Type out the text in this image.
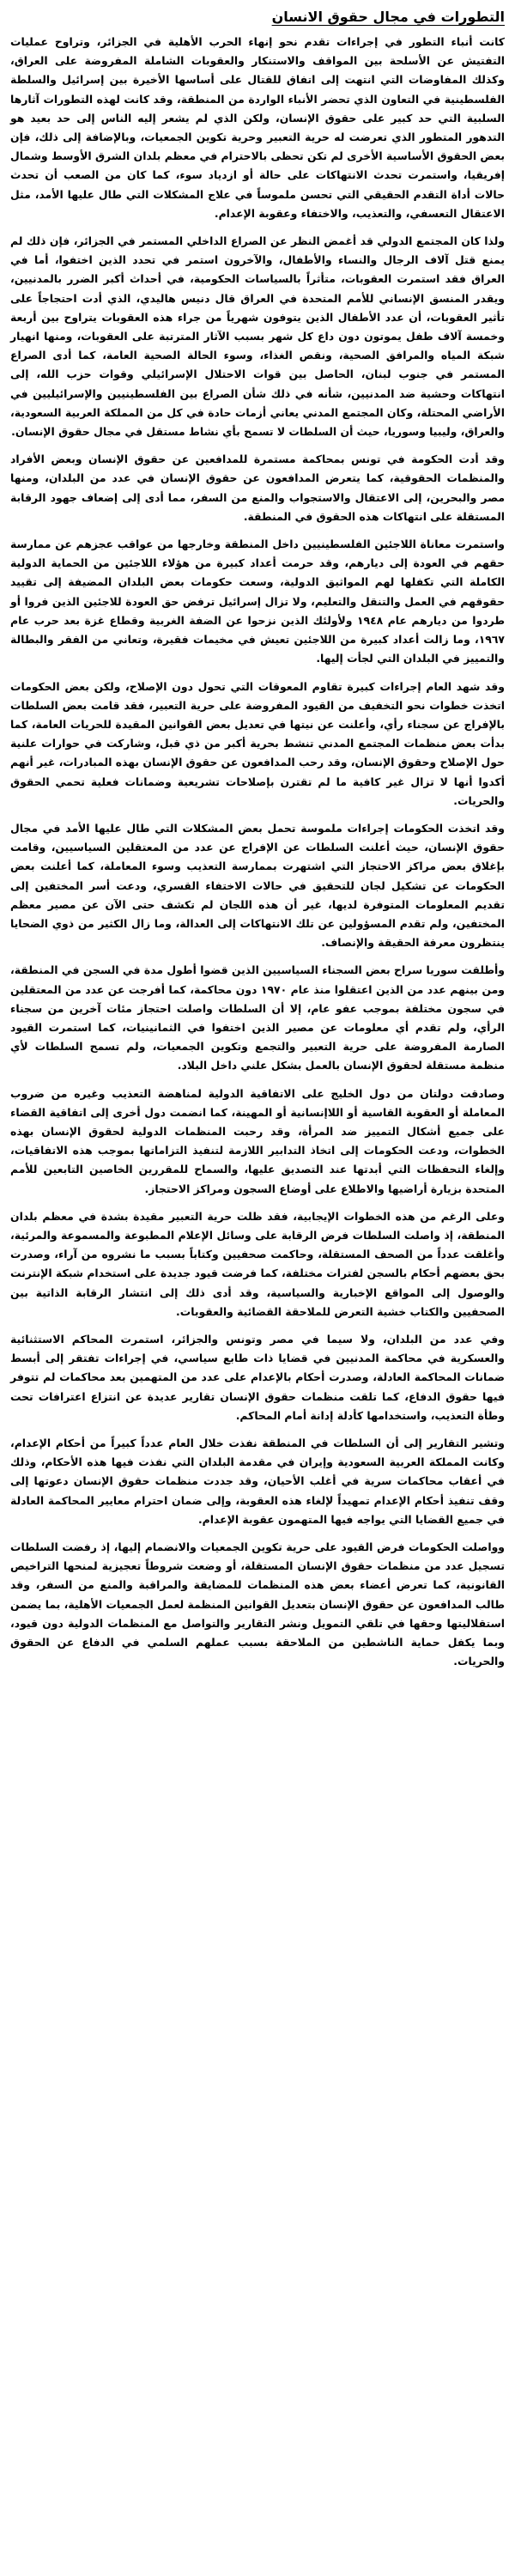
التطورات في مجال حقوق الانسان

كانت أنباء التطور في إجراءات تقدم نحو إنهاء الحرب الأهلية في الجزائر، وتراوح عمليات التفتيش عن الأسلحة بين المواقف والاستنكار والعقوبات الشاملة المفروضة على العراق، وكذلك المفاوضات التي انتهت إلى اتفاق للقتال على أساسها الأخيرة بين إسرائيل والسلطة الفلسطينية في التعاون الذي تحضر الأنباء الواردة من المنطقة، وقد كانت لهذه التطورات آثارها السلبية التي حد كبير على حقوق الإنسان، ولكن الذي لم يشعر إليه الناس إلى حد بعيد هو التدهور المتطور الذي تعرضت له حرية التعبير وحرية تكوين الجمعيات، وبالإضافة إلى ذلك، فإن بعض الحقوق الأساسية الأخرى لم تكن تحظى بالاحترام في معظم بلدان الشرق الأوسط وشمال إفريقيا، واستمرت تحدث الانتهاكات على حالة أو ازدياد سوء، كما كان من الصعب أن تحدث حالات أداة التقدم الحقيقي التي تحسن ملموساً في علاج المشكلات التي طال عليها الأمد، مثل الاعتقال التعسفي، والتعذيب، والاختفاء وعقوبة الإعدام.

ولذا كان المجتمع الدولي قد أغمض النظر عن الصراع الداخلي المستمر في الجزائر، فإن ذلك لم يمنع قتل آلاف الرجال والنساء والأطفال، والآخرون استمر في تحدد الذين اختفوا، أما في العراق فقد استمرت العقوبات، متأثراً بالسياسات الحكومية، في أحداث أكبر الضرر بالمدنيين، ويقدر المنسق الإنساني للأمم المتحدة في العراق قال دنيس هاليدي، الذي أدت احتجاجاً على تأثير العقوبات، أن عدد الأطفال الذين يتوفون شهرياً من جراء هذه العقوبات يتراوح بين أربعة وخمسة آلاف طفل يموتون دون داع كل شهر بسبب الآثار المترتبة على العقوبات، ومنها انهيار شبكة المياه والمرافق الصحية، ونقص الغذاء، وسوء الحالة الصحية العامة، كما أدى الصراع المستمر في جنوب لبنان، الحاصل بين قوات الاحتلال الإسرائيلي وقوات حزب الله، إلى انتهاكات وحشية ضد المدنيين، شأنه في ذلك شأن الصراع بين الفلسطينيين والإسرائيليين في الأراضي المحتلة، وكان المجتمع المدني يعاني أزمات حادة في كل من المملكة العربية السعودية، والعراق، وليبيا وسوريا، حيث أن السلطات لا تسمح بأي نشاط مستقل في مجال حقوق الإنسان.

وقد أدت الحكومة في تونس بمحاكمة مستمرة للمدافعين عن حقوق الإنسان وبعض الأفراد والمنظمات الحقوقية، كما يتعرض المدافعون عن حقوق الإنسان في عدد من البلدان، ومنها مصر والبحرين، إلى الاعتقال والاستجواب والمنع من السفر، مما أدى إلى إضعاف جهود الرقابة المستقلة على انتهاكات هذه الحقوق في المنطقة.

واستمرت معاناة اللاجئين الفلسطينيين داخل المنطقة وخارجها من عواقب عجزهم عن ممارسة حقهم في العودة إلى ديارهم، وقد حرمت أعداد كبيرة من هؤلاء اللاجئين من الحماية الدولية الكاملة التي تكفلها لهم المواثيق الدولية، وسعت حكومات بعض البلدان المضيفة إلى تقييد حقوقهم في العمل والتنقل والتعليم، ولا تزال إسرائيل ترفض حق العودة للاجئين الذين فروا أو طردوا من ديارهم عام ١٩٤٨ ولأولئك الذين نزحوا عن الضفة الغربية وقطاع غزة بعد حرب عام ١٩٦٧، وما زالت أعداد كبيرة من اللاجئين تعيش في مخيمات فقيرة، وتعاني من الفقر والبطالة والتمييز في البلدان التي لجأت إليها.

وقد شهد العام إجراءات كبيرة تقاوم المعوقات التي تحول دون الإصلاح، ولكن بعض الحكومات اتخذت خطوات نحو التخفيف من القيود المفروضة على حرية التعبير، فقد قامت بعض السلطات بالإفراج عن سجناء رأي، وأعلنت عن نيتها في تعديل بعض القوانين المقيدة للحريات العامة، كما بدأت بعض منظمات المجتمع المدني تنشط بحرية أكبر من ذي قبل، وشاركت في حوارات علنية حول الإصلاح وحقوق الإنسان، وقد رحب المدافعون عن حقوق الإنسان بهذه المبادرات، غير أنهم أكدوا أنها لا تزال غير كافية ما لم تقترن بإصلاحات تشريعية وضمانات فعلية تحمي الحقوق والحريات.

وقد اتخذت الحكومات إجراءات ملموسة تحمل بعض المشكلات التي طال عليها الأمد في مجال حقوق الإنسان، حيث أعلنت السلطات عن الإفراج عن عدد من المعتقلين السياسيين، وقامت بإغلاق بعض مراكز الاحتجاز التي اشتهرت بممارسة التعذيب وسوء المعاملة، كما أعلنت بعض الحكومات عن تشكيل لجان للتحقيق في حالات الاختفاء القسري، ودعت أسر المختفين إلى تقديم المعلومات المتوفرة لديها، غير أن هذه اللجان لم تكشف حتى الآن عن مصير معظم المختفين، ولم تقدم المسؤولين عن تلك الانتهاكات إلى العدالة، وما زال الكثير من ذوي الضحايا ينتظرون معرفة الحقيقة والإنصاف.

وأطلقت سوريا سراح بعض السجناء السياسيين الذين قضوا أطول مدة في السجن في المنطقة، ومن بينهم عدد من الذين اعتقلوا منذ عام ١٩٧٠ دون محاكمة، كما أفرجت عن عدد من المعتقلين في سجون مختلفة بموجب عفو عام، إلا أن السلطات واصلت احتجاز مئات آخرين من سجناء الرأي، ولم تقدم أي معلومات عن مصير الذين اختفوا في الثمانينيات، كما استمرت القيود الصارمة المفروضة على حرية التعبير والتجمع وتكوين الجمعيات، ولم تسمح السلطات لأي منظمة مستقلة لحقوق الإنسان بالعمل بشكل علني داخل البلاد.

وصادقت دولتان من دول الخليج على الاتفاقية الدولية لمناهضة التعذيب وغيره من ضروب المعاملة أو العقوبة القاسية أو اللاإنسانية أو المهينة، كما انضمت دول أخرى إلى اتفاقية القضاء على جميع أشكال التمييز ضد المرأة، وقد رحبت المنظمات الدولية لحقوق الإنسان بهذه الخطوات، ودعت الحكومات إلى اتخاذ التدابير اللازمة لتنفيذ التزاماتها بموجب هذه الاتفاقيات، وإلغاء التحفظات التي أبدتها عند التصديق عليها، والسماح للمقررين الخاصين التابعين للأمم المتحدة بزيارة أراضيها والاطلاع على أوضاع السجون ومراكز الاحتجاز.

وعلى الرغم من هذه الخطوات الإيجابية، فقد ظلت حرية التعبير مقيدة بشدة في معظم بلدان المنطقة، إذ واصلت السلطات فرض الرقابة على وسائل الإعلام المطبوعة والمسموعة والمرئية، وأغلقت عدداً من الصحف المستقلة، وحاكمت صحفيين وكتاباً بسبب ما نشروه من آراء، وصدرت بحق بعضهم أحكام بالسجن لفترات مختلفة، كما فرضت قيود جديدة على استخدام شبكة الإنترنت والوصول إلى المواقع الإخبارية والسياسية، وقد أدى ذلك إلى انتشار الرقابة الذاتية بين الصحفيين والكتاب خشية التعرض للملاحقة القضائية والعقوبات.

وفي عدد من البلدان، ولا سيما في مصر وتونس والجزائر، استمرت المحاكم الاستثنائية والعسكرية في محاكمة المدنيين في قضايا ذات طابع سياسي، في إجراءات تفتقر إلى أبسط ضمانات المحاكمة العادلة، وصدرت أحكام بالإعدام على عدد من المتهمين بعد محاكمات لم تتوفر فيها حقوق الدفاع، كما تلقت منظمات حقوق الإنسان تقارير عديدة عن انتزاع اعترافات تحت وطأة التعذيب، واستخدامها كأدلة إدانة أمام المحاكم.

وتشير التقارير إلى أن السلطات في المنطقة نفذت خلال العام عدداً كبيراً من أحكام الإعدام، وكانت المملكة العربية السعودية وإيران في مقدمة البلدان التي نفذت فيها هذه الأحكام، وذلك في أعقاب محاكمات سرية في أغلب الأحيان، وقد جددت منظمات حقوق الإنسان دعوتها إلى وقف تنفيذ أحكام الإعدام تمهيداً لإلغاء هذه العقوبة، وإلى ضمان احترام معايير المحاكمة العادلة في جميع القضايا التي يواجه فيها المتهمون عقوبة الإعدام.

وواصلت الحكومات فرض القيود على حرية تكوين الجمعيات والانضمام إليها، إذ رفضت السلطات تسجيل عدد من منظمات حقوق الإنسان المستقلة، أو وضعت شروطاً تعجيزية لمنحها التراخيص القانونية، كما تعرض أعضاء بعض هذه المنظمات للمضايقة والمراقبة والمنع من السفر، وقد طالب المدافعون عن حقوق الإنسان بتعديل القوانين المنظمة لعمل الجمعيات الأهلية، بما يضمن استقلاليتها وحقها في تلقي التمويل ونشر التقارير والتواصل مع المنظمات الدولية دون قيود، وبما يكفل حماية الناشطين من الملاحقة بسبب عملهم السلمي في الدفاع عن الحقوق والحريات.
